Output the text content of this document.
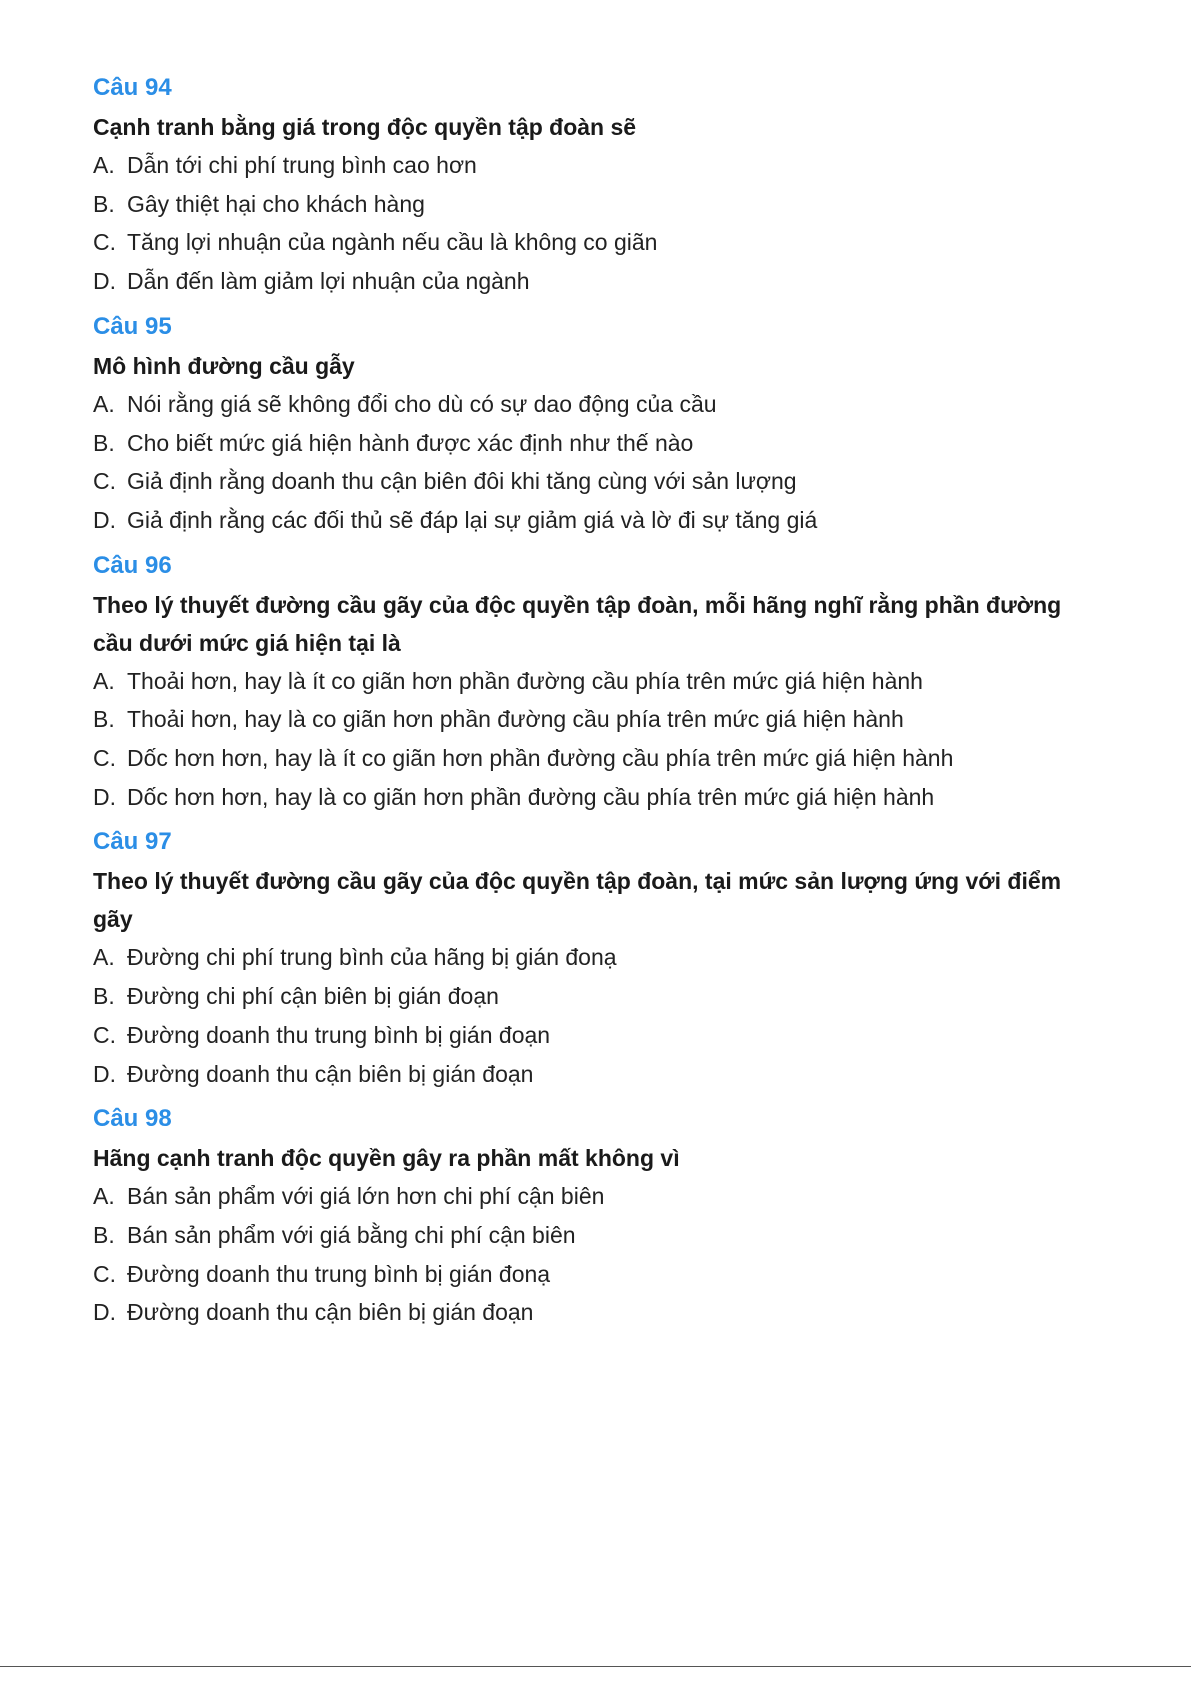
Câu 94
Cạnh tranh bằng giá trong độc quyền tập đoàn sẽ
A. Dẫn tới chi phí trung bình cao hơn
B. Gây thiệt hại cho khách hàng
C. Tăng lợi nhuận của ngành nếu cầu là không co giãn
D. Dẫn đến làm giảm lợi nhuận của ngành
Câu 95
Mô hình đường cầu gẫy
A. Nói rằng giá sẽ không đổi cho dù có sự dao động của cầu
B. Cho biết mức giá hiện hành được xác định như thế nào
C. Giả định rằng doanh thu cận biên đôi khi tăng cùng với sản lượng
D. Giả định rằng các đối thủ sẽ đáp lại sự giảm giá và lờ đi sự tăng giá
Câu 96
Theo lý thuyết đường cầu gãy của độc quyền tập đoàn, mỗi hãng nghĩ rằng phần đường cầu dưới mức giá hiện tại là
A. Thoải hơn, hay là ít co giãn hơn phần đường cầu phía trên mức giá hiện hành
B. Thoải hơn, hay là co giãn hơn phần đường cầu phía trên mức giá hiện hành
C. Dốc hơn hơn, hay là ít co giãn hơn phần đường cầu phía trên mức giá hiện hành
D. Dốc hơn hơn, hay là co giãn hơn phần đường cầu phía trên mức giá hiện hành
Câu 97
Theo lý thuyết đường cầu gãy của độc quyền tập đoàn, tại mức sản lượng ứng với điểm gãy
A. Đường chi phí trung bình của hãng bị gián đonạ
B. Đường chi phí cận biên bị gián đoạn
C. Đường doanh thu trung bình bị gián đoạn
D. Đường doanh thu cận biên bị gián đoạn
Câu 98
Hãng cạnh tranh độc quyền gây ra phần mất không vì
A. Bán sản phẩm với giá lớn hơn chi phí cận biên
B. Bán sản phẩm với giá bằng chi phí cận biên
C. Đường doanh thu trung bình bị gián đonạ
D. Đường doanh thu cận biên bị gián đoạn
